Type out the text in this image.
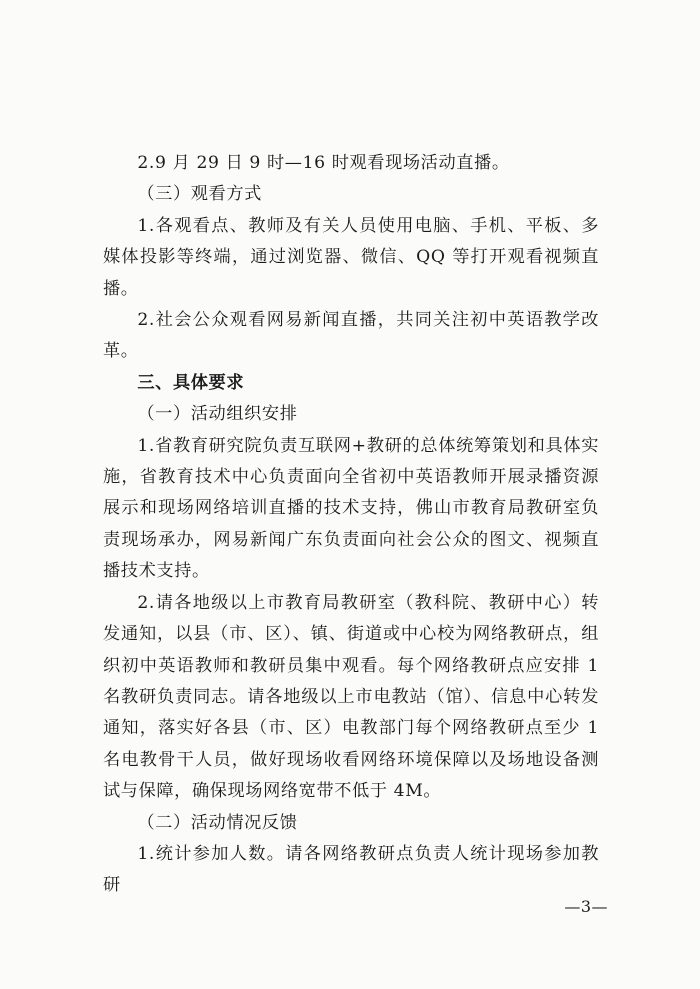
2.9 月 29 日 9 时—16 时观看现场活动直播。

（三）观看方式

1.各观看点、教师及有关人员使用电脑、手机、平板、多媒体投影等终端，通过浏览器、微信、QQ 等打开观看视频直播。

2.社会公众观看网易新闻直播，共同关注初中英语教学改革。

三、具体要求

（一）活动组织安排

1.省教育研究院负责互联网+教研的总体统筹策划和具体实施，省教育技术中心负责面向全省初中英语教师开展录播资源展示和现场网络培训直播的技术支持，佛山市教育局教研室负责现场承办，网易新闻广东负责面向社会公众的图文、视频直播技术支持。

2.请各地级以上市教育局教研室（教科院、教研中心）转发通知，以县（市、区）、镇、街道或中心校为网络教研点，组织初中英语教师和教研员集中观看。每个网络教研点应安排 1 名教研负责同志。请各地级以上市电教站（馆）、信息中心转发通知，落实好各县（市、区）电教部门每个网络教研点至少 1 名电教骨干人员，做好现场收看网络环境保障以及场地设备测试与保障，确保现场网络宽带不低于 4M。

（二）活动情况反馈

1.统计参加人数。请各网络教研点负责人统计现场参加教研

—3—
